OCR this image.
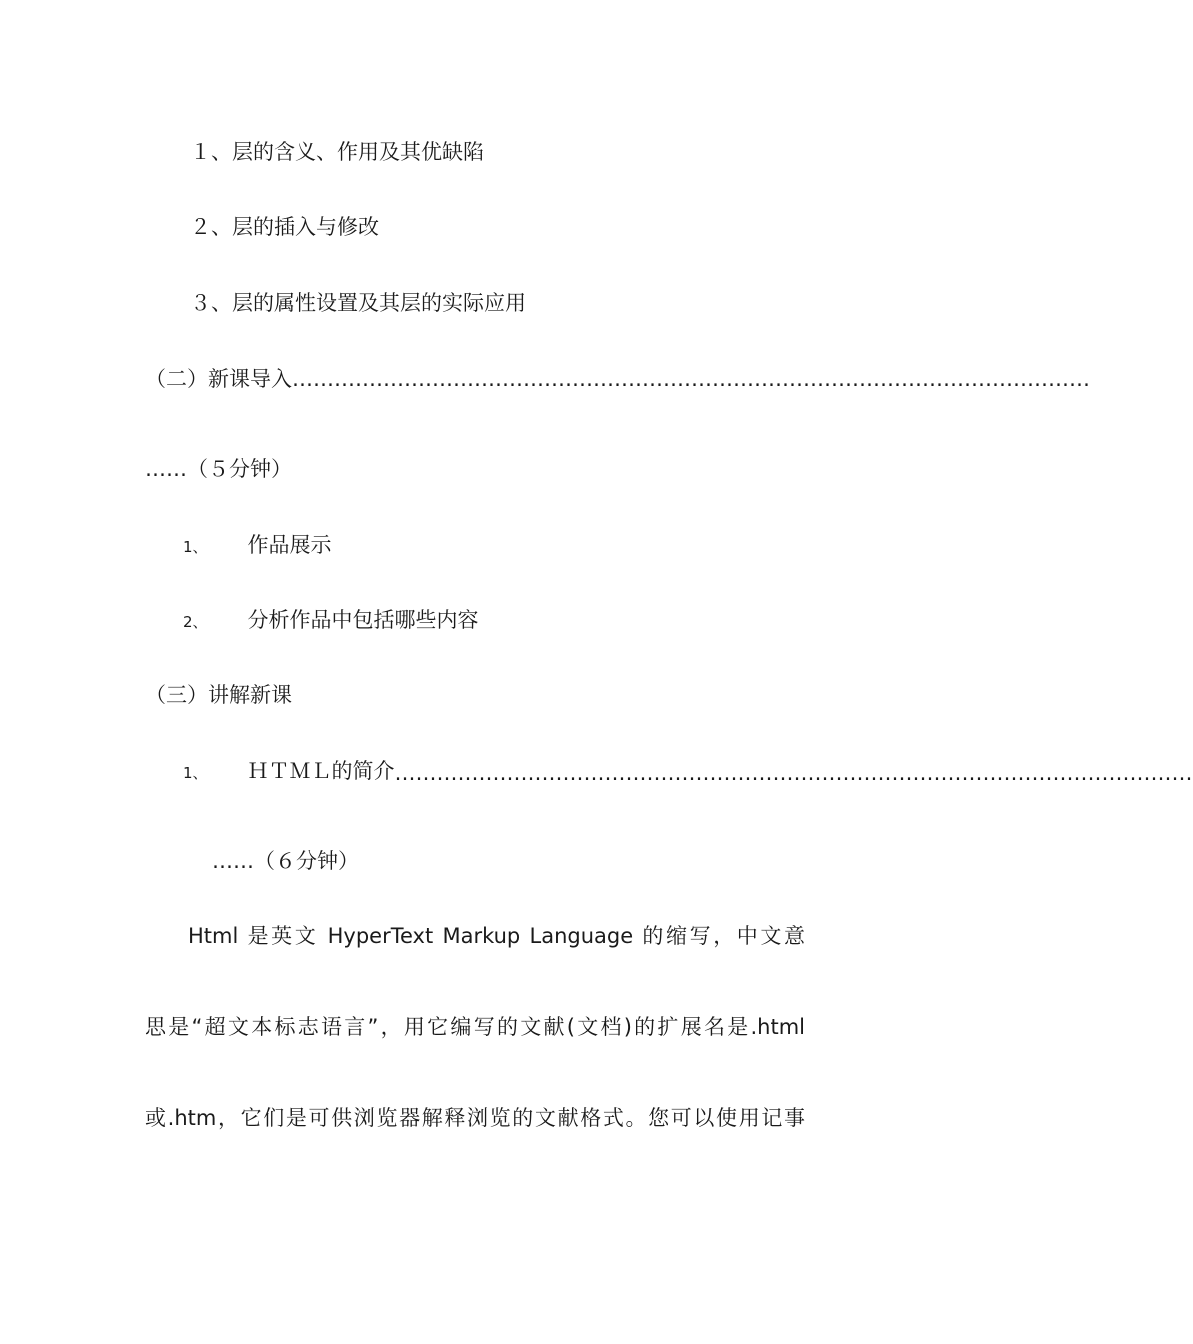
１、层的含义、作用及其优缺陷
２、层的插入与修改
３、层的属性设置及其层的实际应用
（二）新课导入……………………………………………………………………………………………………
……（５分钟）
1、 作品展示
2、 分析作品中包括哪些内容
（三）讲解新课
1、 ＨＴＭＬ的简介……………………………………………………………………………………………………
……（６分钟）
Html 是英文 HyperText Markup Language 的缩写，中文意
思是“超文本标志语言”，用它编写的文献(文档)的扩展名是.html
或.htm，它们是可供浏览器解释浏览的文献格式。您可以使用记事
